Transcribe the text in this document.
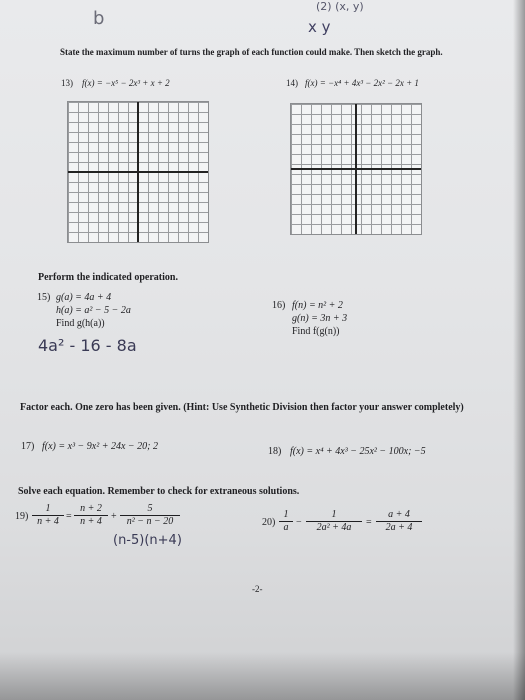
b
(2) (x, y)
x y
State the maximum number of turns the graph of each function could make. Then sketch the graph.
13) f(x) = −x⁵ − 2x³ + x + 2	14) f(x) = −x⁴ + 4x³ − 2x² − 2x + 1
Perform the indicated operation.
15) g(a) = 4a + 4
h(a) = a² − 5 − 2a
Find g(h(a))
4a² - 16 - 8a
16) f(n) = n² + 2
g(n) = 3n + 3
Find f(g(n))
Factor each. One zero has been given. (Hint: Use Synthetic Division then factor your answer completely)
17) f(x) = x³ − 9x² + 24x − 20; 2	18) f(x) = x⁴ + 4x³ − 25x² − 100x; −5
Solve each equation. Remember to check for extraneous solutions.
$19) \frac{1}{n + 4} = \frac{n + 2}{n + 4} + \frac{5}{\text{n² − n − 20}}$
(n-5)(n+4)
$20) \frac{1}{a} - \frac{1}{\text{2a² + 4a}} = \frac{a + 4}{2a + 4}$
-2-
